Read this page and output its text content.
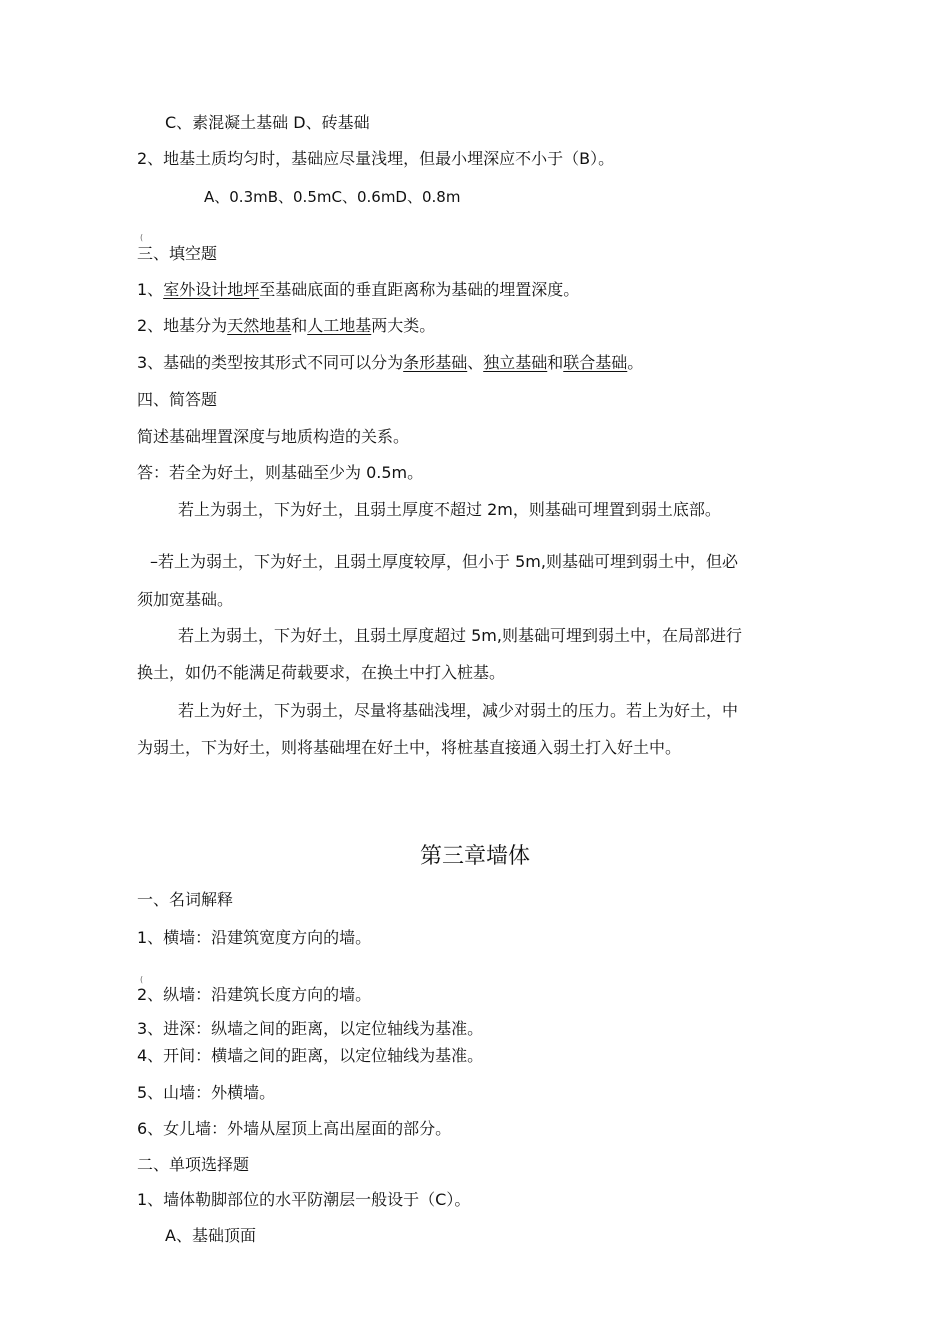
C、素混凝土基础 D、砖基础
2、地基土质均匀时，基础应尽量浅埋，但最小埋深应不小于（B）。
A、0.3mB、0.5mC、0.6mD、0.8m
(
三、填空题
1、室外设计地坪至基础底面的垂直距离称为基础的埋置深度。
2、地基分为天然地基和人工地基两大类。
3、基础的类型按其形式不同可以分为条形基础、独立基础和联合基础。
四、简答题
简述基础埋置深度与地质构造的关系。
答：若全为好土，则基础至少为 0.5m。
若上为弱土，下为好土，且弱土厚度不超过 2m，则基础可埋置到弱土底部。
–若上为弱土，下为好土，且弱土厚度较厚，但小于 5m,则基础可埋到弱土中，但必
须加宽基础。
若上为弱土，下为好土，且弱土厚度超过 5m,则基础可埋到弱土中，在局部进行
换土，如仍不能满足荷载要求，在换土中打入桩基。
若上为好土，下为弱土，尽量将基础浅埋，减少对弱土的压力。若上为好土，中
为弱土，下为好土，则将基础埋在好土中，将桩基直接通入弱土打入好土中。
第三章墙体
一、名词解释
1、横墙：沿建筑宽度方向的墙。
(
2、纵墙：沿建筑长度方向的墙。
3、进深：纵墙之间的距离，以定位轴线为基准。
4、开间：横墙之间的距离，以定位轴线为基准。
5、山墙：外横墙。
6、女儿墙：外墙从屋顶上高出屋面的部分。
二、单项选择题
1、墙体勒脚部位的水平防潮层一般设于（C）。
A、基础顶面
